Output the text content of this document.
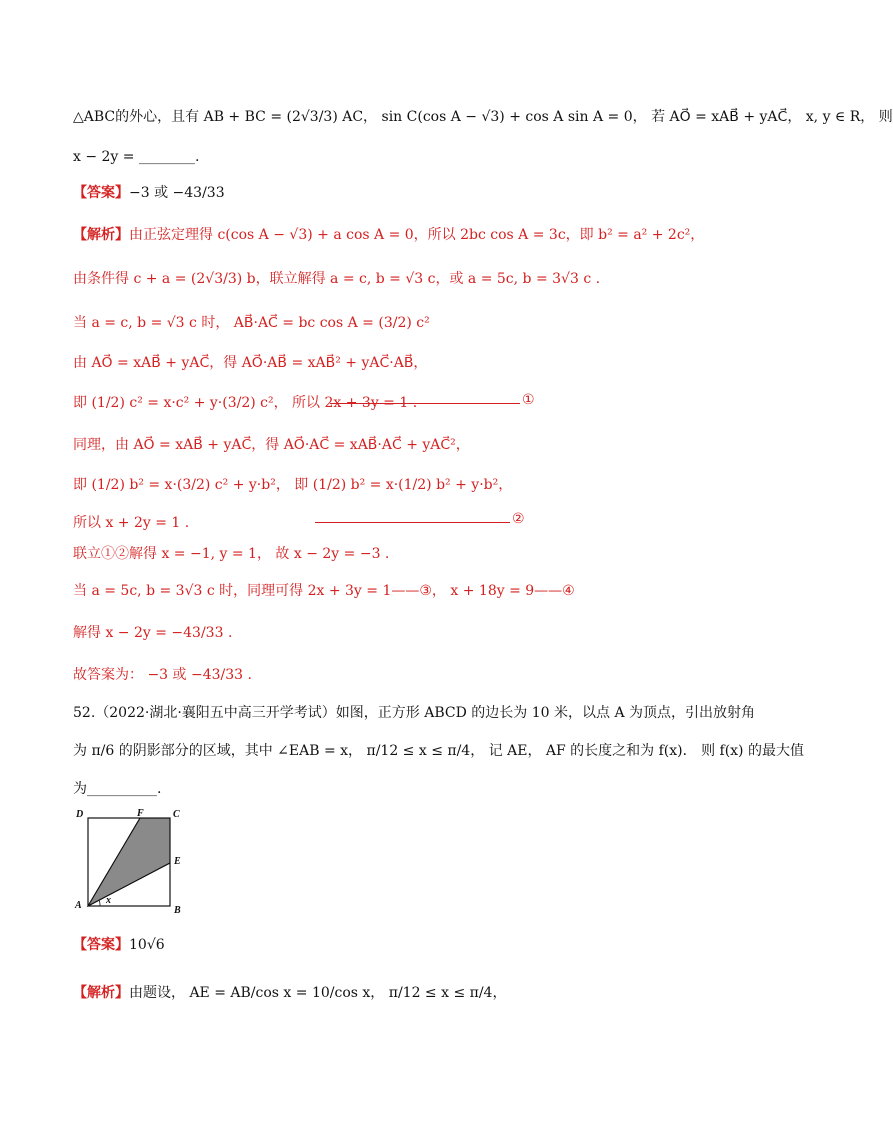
△ABC的外心，且有 AB + BC = (2√3/3) AC， sin C(cos A − √3) + cos A sin A = 0， 若 AO⃗ = xAB⃗ + yAC⃗， x, y ∈ R， 则
x − 2y = ________.
【答案】−3 或 −43/33
【解析】由正弦定理得 c(cos A − √3) + a cos A = 0，所以 2bc cos A = 3c，即 b² = a² + 2c²，
由条件得 c + a = (2√3/3) b，联立解得 a = c, b = √3 c，或 a = 5c, b = 3√3 c .
当 a = c, b = √3 c 时， AB⃗·AC⃗ = bc cos A = (3/2) c²
由 AO⃗ = xAB⃗ + yAC⃗，得 AO⃗·AB⃗ = xAB⃗² + yAC⃗·AB⃗，
即 (1/2) c² = x·c² + y·(3/2) c²， 所以 2x + 3y = 1 .	①
同理，由 AO⃗ = xAB⃗ + yAC⃗，得 AO⃗·AC⃗ = xAB⃗·AC⃗ + yAC⃗²，
即 (1/2) b² = x·(3/2) c² + y·b²， 即 (1/2) b² = x·(1/2) b² + y·b²，
所以 x + 2y = 1 .	②
联立①②解得 x = −1, y = 1， 故 x − 2y = −3 .
当 a = 5c, b = 3√3 c 时，同理可得 2x + 3y = 1——③， x + 18y = 9——④
解得 x − 2y = −43/33 .
故答案为： −3 或 −43/33 .
52.（2022·湖北·襄阳五中高三开学考试）如图，正方形 ABCD 的边长为 10 米，以点 A 为顶点，引出放射角
为 π/6 的阴影部分的区域，其中 ∠EAB = x， π/12 ≤ x ≤ π/4， 记 AE， AF 的长度之和为 f(x)． 则 f(x) 的最大值
为__________.
A	B
C
D
E
F
x
【答案】10√6
【解析】由题设， AE = AB/cos x = 10/cos x， π/12 ≤ x ≤ π/4，
